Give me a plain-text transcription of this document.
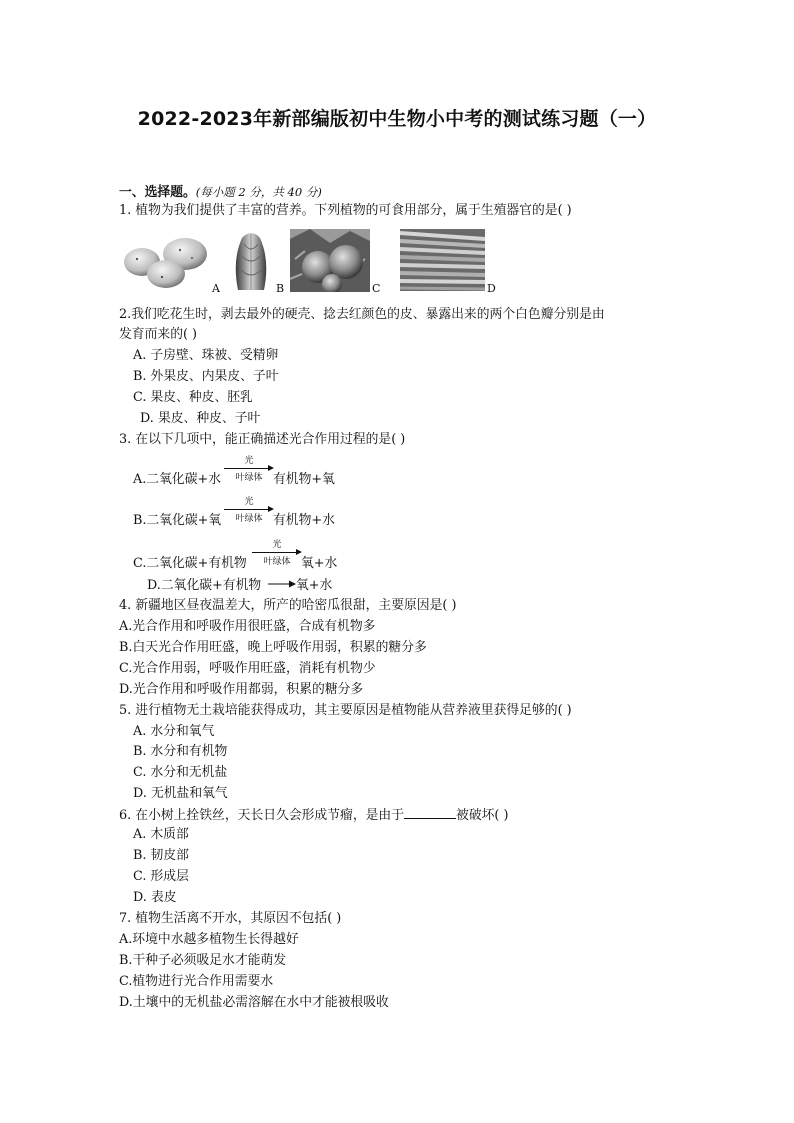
2022-2023年新部编版初中生物小中考的测试练习题（一）
一、选择题。(每小题 2 分，共 40 分)
1. 植物为我们提供了丰富的营养。下列植物的可食用部分，属于生殖器官的是( )
A	B	C	D
2.我们吃花生时，剥去最外的硬壳、捻去红颜色的皮、暴露出来的两个白色瓣分别是由
发育而来的( )
A. 子房壁、珠被、受精卵
B. 外果皮、内果皮、子叶
C. 果皮、种皮、胚乳
D. 果皮、种皮、子叶
3. 在以下几项中，能正确描述光合作用过程的是( )
A.二氧化碳+水
光
叶绿体 有机物+氧
B.二氧化碳+氧
光
叶绿体 有机物+水
C.二氧化碳+有机物
光
叶绿体 氧+水
D.二氧化碳+有机物	氧+水
4. 新疆地区昼夜温差大，所产的哈密瓜很甜，主要原因是( )
A.光合作用和呼吸作用很旺盛，合成有机物多
B.白天光合作用旺盛，晚上呼吸作用弱，积累的糖分多
C.光合作用弱，呼吸作用旺盛，消耗有机物少
D.光合作用和呼吸作用都弱，积累的糖分多
5. 进行植物无土栽培能获得成功，其主要原因是植物能从营养液里获得足够的( )
A. 水分和氧气
B. 水分和有机物
C. 水分和无机盐
D. 无机盐和氧气
6. 在小树上拴铁丝，天长日久会形成节瘤，是由于	被破坏( )
A. 木质部
B. 韧皮部
C. 形成层
D. 表皮
7. 植物生活离不开水，其原因不包括( )
A.环境中水越多植物生长得越好
B.干种子必须吸足水才能萌发
C.植物进行光合作用需要水
D.土壤中的无机盐必需溶解在水中才能被根吸收
